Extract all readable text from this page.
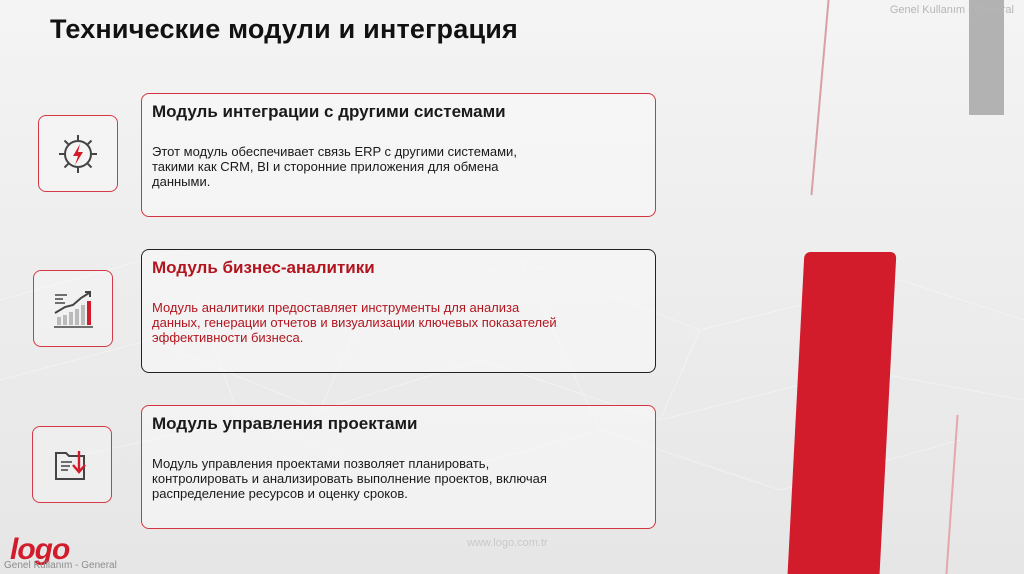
Genel Kullanım - General
Технические модули и интеграция
Модуль интеграции с другими системами
Этот модуль обеспечивает связь ERP с другими системами,
такими как CRM, BI и сторонние приложения для обмена
данными.
Модуль бизнес-аналитики
Модуль аналитики предоставляет инструменты для анализа
данных, генерации отчетов и визуализации ключевых показателей
эффективности бизнеса.
Модуль управления проектами
Модуль управления проектами позволяет планировать,
контролировать и анализировать выполнение проектов, включая
распределение ресурсов и оценку сроков.
www.logo.com.tr
logo
Genel Kullanım - General
